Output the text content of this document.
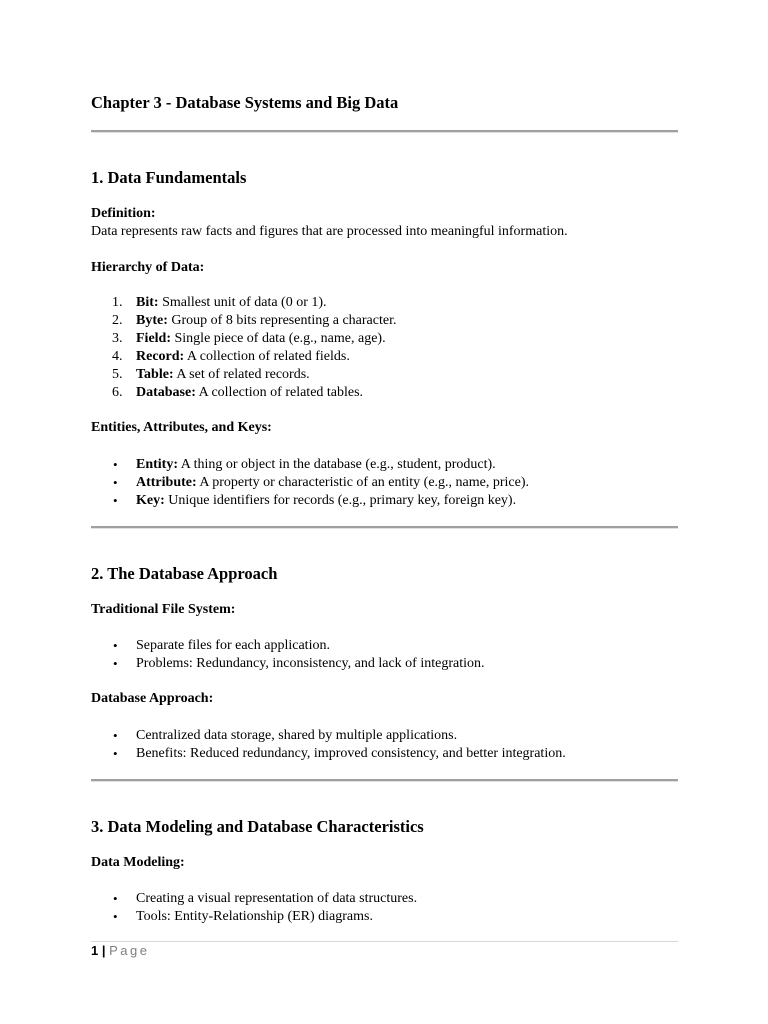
Chapter 3 - Database Systems and Big Data
1. Data Fundamentals

Definition:

Data represents raw facts and figures that are processed into meaningful information.

Hierarchy of Data:

1. Bit: Smallest unit of data (0 or 1).
2. Byte: Group of 8 bits representing a character.
3. Field: Single piece of data (e.g., name, age).
4. Record: A collection of related fields.
5. Table: A set of related records.
6. Database: A collection of related tables.

Entities, Attributes, and Keys:

•	Entity: A thing or object in the database (e.g., student, product).
•	Attribute: A property or characteristic of an entity (e.g., name, price).
•	Key: Unique identifiers for records (e.g., primary key, foreign key).
2. The Database Approach

Traditional File System:

•	Separate files for each application.
•	Problems: Redundancy, inconsistency, and lack of integration.

Database Approach:

•	Centralized data storage, shared by multiple applications.
•	Benefits: Reduced redundancy, improved consistency, and better integration.
3. Data Modeling and Database Characteristics

Data Modeling:

•	Creating a visual representation of data structures.
•	Tools: Entity-Relationship (ER) diagrams.
1 | Page
